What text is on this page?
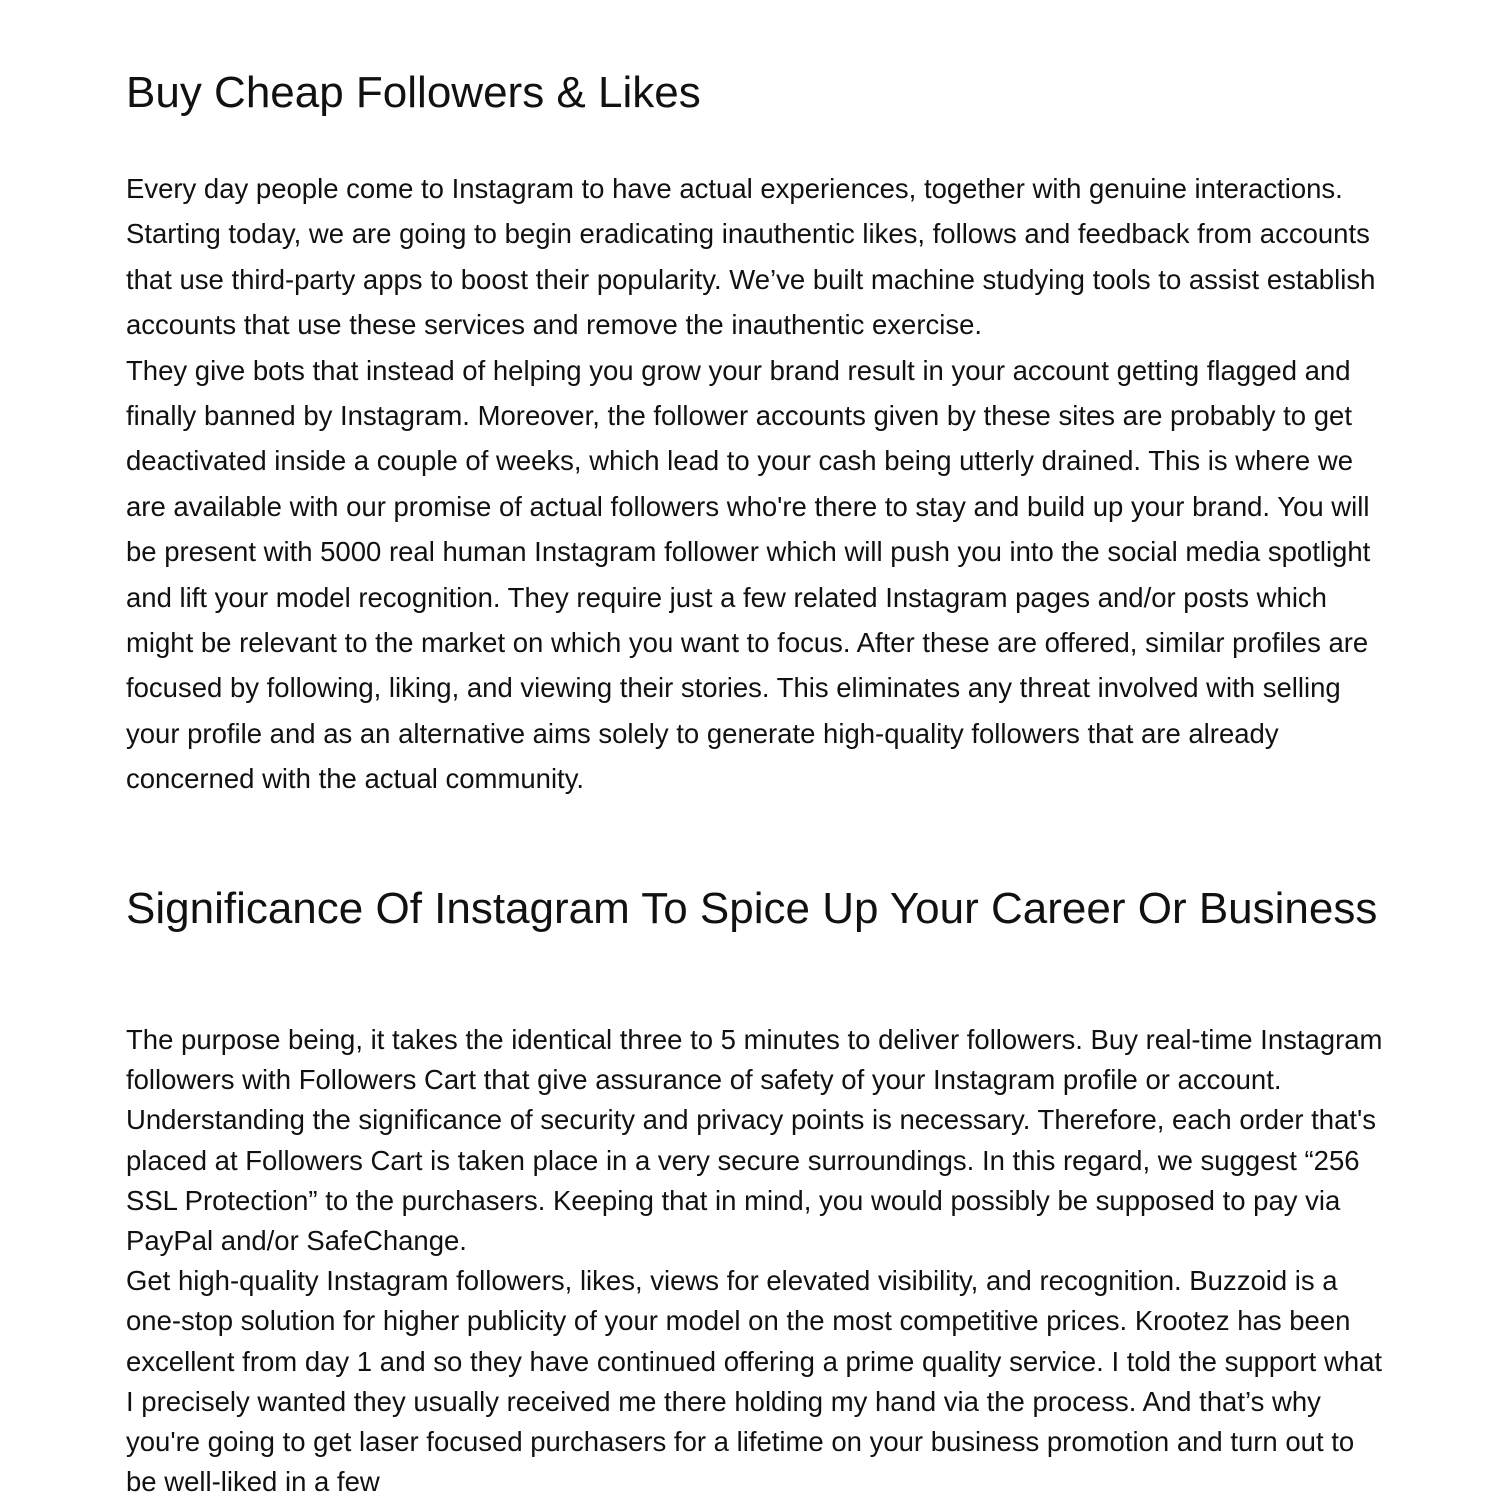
Buy Cheap Followers & Likes

Every day people come to Instagram to have actual experiences, together with genuine interactions. Starting today, we are going to begin eradicating inauthentic likes, follows and feedback from accounts that use third-party apps to boost their popularity. We’ve built machine studying tools to assist establish accounts that use these services and remove the inauthentic exercise.

They give bots that instead of helping you grow your brand result in your account getting flagged and finally banned by Instagram. Moreover, the follower accounts given by these sites are probably to get deactivated inside a couple of weeks, which lead to your cash being utterly drained. This is where we are available with our promise of actual followers who're there to stay and build up your brand. You will be present with 5000 real human Instagram follower which will push you into the social media spotlight and lift your model recognition. They require just a few related Instagram pages and/or posts which might be relevant to the market on which you want to focus. After these are offered, similar profiles are focused by following, liking, and viewing their stories. This eliminates any threat involved with selling your profile and as an alternative aims solely to generate high-quality followers that are already concerned with the actual community.

Significance Of Instagram To Spice Up Your Career Or Business

The purpose being, it takes the identical three to 5 minutes to deliver followers. Buy real-time Instagram followers with Followers Cart that give assurance of safety of your Instagram profile or account. Understanding the significance of security and privacy points is necessary. Therefore, each order that's placed at Followers Cart is taken place in a very secure surroundings. In this regard, we suggest “256 SSL Protection” to the purchasers. Keeping that in mind, you would possibly be supposed to pay via PayPal and/or SafeChange.

Get high-quality Instagram followers, likes, views for elevated visibility, and recognition. Buzzoid is a one-stop solution for higher publicity of your model on the most competitive prices. Krootez has been excellent from day 1 and so they have continued offering a prime quality service. I told the support what I precisely wanted they usually received me there holding my hand via the process. And that’s why you're going to get laser focused purchasers for a lifetime on your business promotion and turn out to be well-liked in a few
